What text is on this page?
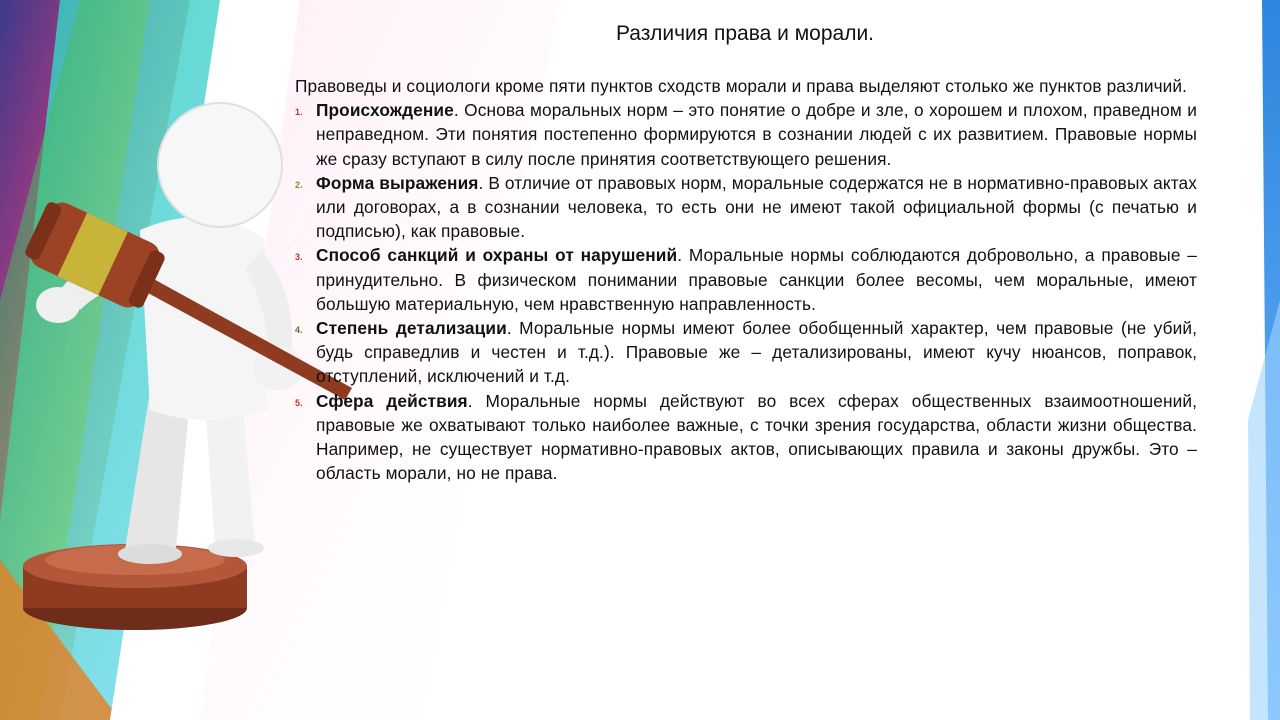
Различия права и морали.

Правоведы и социологи кроме пяти пунктов сходств морали и права выделяют столько же пунктов различий.

1. Происхождение. Основа моральных норм – это понятие о добре и зле, о хорошем и плохом, праведном и неправедном. Эти понятия постепенно формируются в сознании людей с их развитием. Правовые нормы же сразу вступают в силу после принятия соответствующего решения.
2. Форма выражения. В отличие от правовых норм, моральные содержатся не в нормативно-правовых актах или договорах, а в сознании человека, то есть они не имеют такой официальной формы (с печатью и подписью), как правовые.
3. Способ санкций и охраны от нарушений. Моральные нормы соблюдаются добровольно, а правовые – принудительно. В физическом понимании правовые санкции более весомы, чем моральные, имеют большую материальную, чем нравственную направленность.
4. Степень детализации. Моральные нормы имеют более обобщенный характер, чем правовые (не убий, будь справедлив и честен и т.д.). Правовые же – детализированы, имеют кучу нюансов, поправок, отступлений, исключений и т.д.
5. Сфера действия. Моральные нормы действуют во всех сферах общественных взаимоотношений, правовые же охватывают только наиболее важные, с точки зрения государства, области жизни общества. Например, не существует нормативно-правовых актов, описывающих правила и законы дружбы. Это – область морали, но не права.
